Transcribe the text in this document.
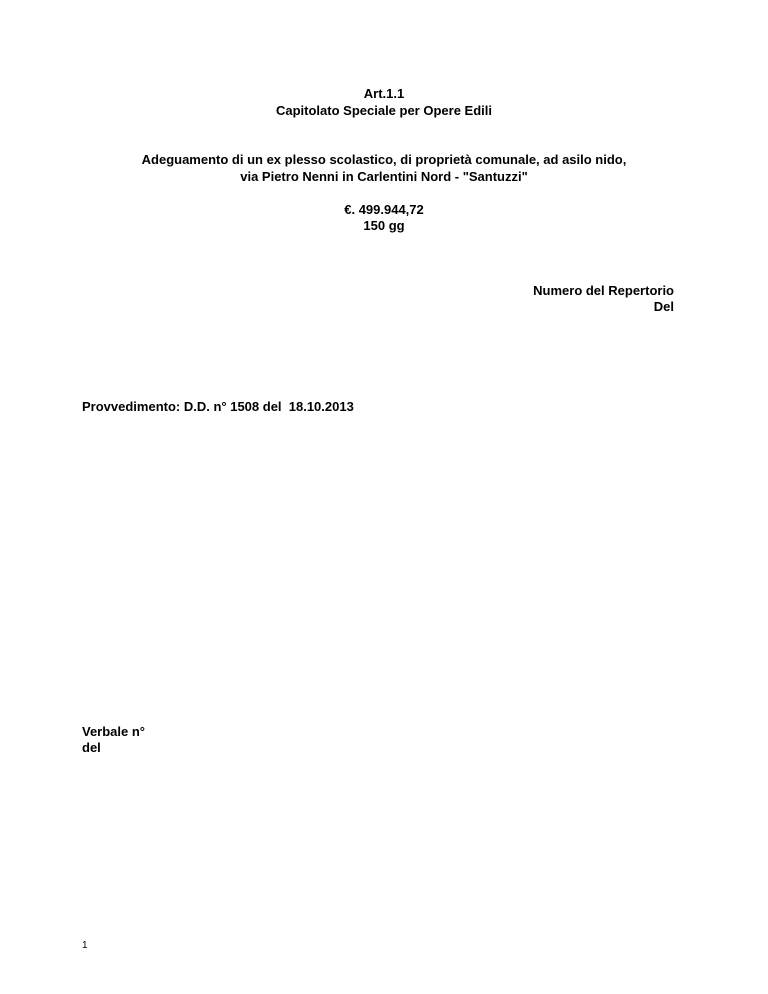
Art.1.1
Capitolato Speciale per Opere Edili
Adeguamento di un ex plesso scolastico, di proprietà comunale, ad asilo nido,
via Pietro Nenni in Carlentini Nord - "Santuzzi"
€. 499.944,72
150 gg
Numero del Repertorio
Del
Provvedimento: D.D. n° 1508 del  18.10.2013
Verbale n°
del
1
